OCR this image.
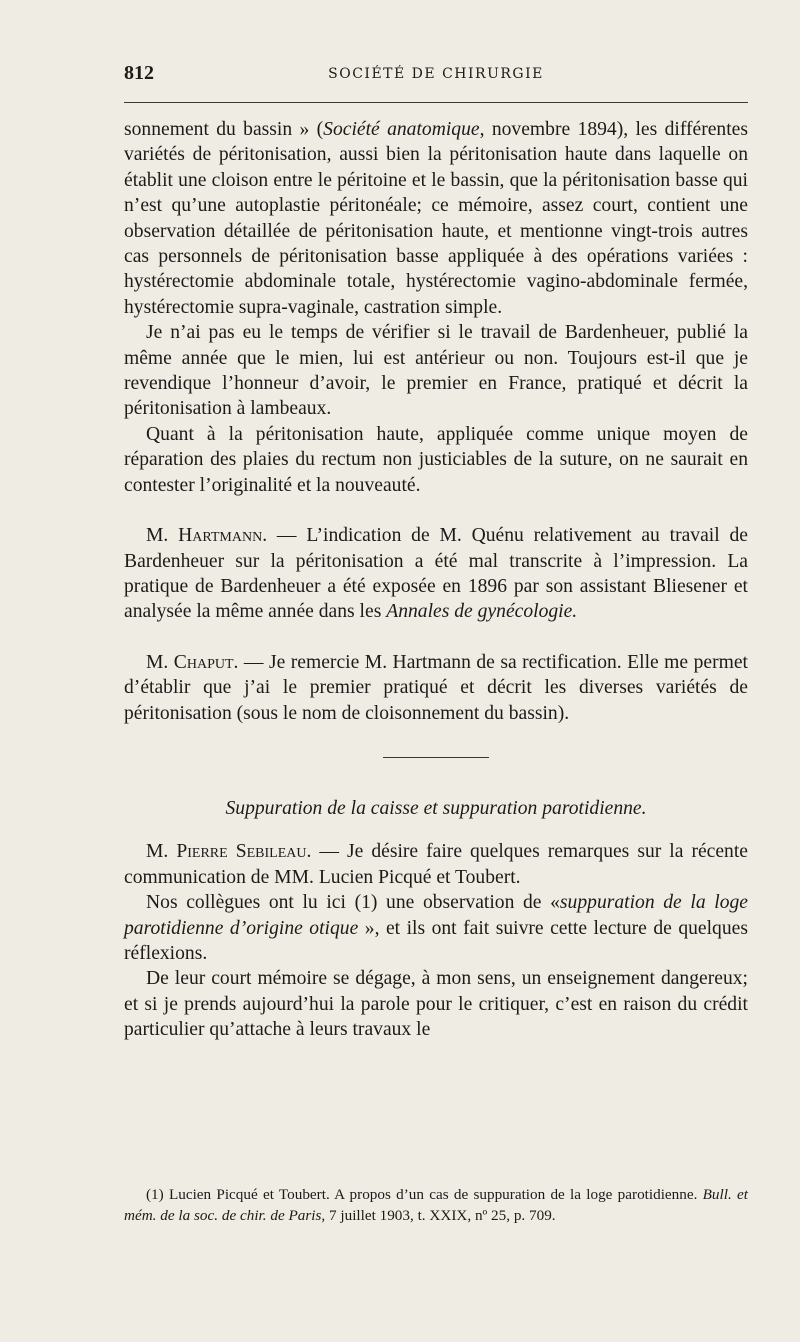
812	SOCIÉTÉ DE CHIRURGIE

sonnement du bassin » (Société anatomique, novembre 1894), les différentes variétés de péritonisation, aussi bien la péritonisation haute dans laquelle on établit une cloison entre le péritoine et le bassin, que la péritonisation basse qui n’est qu’une autoplastie péritonéale; ce mémoire, assez court, contient une observation détaillée de péritonisation haute, et mentionne vingt-trois autres cas personnels de péritonisation basse appliquée à des opérations variées : hystérectomie abdominale totale, hystérectomie vagino-abdominale fermée, hystérectomie supra-vaginale, castration simple.

Je n’ai pas eu le temps de vérifier si le travail de Bardenheuer, publié la même année que le mien, lui est antérieur ou non. Toujours est-il que je revendique l’honneur d’avoir, le premier en France, pratiqué et décrit la péritonisation à lambeaux.

Quant à la péritonisation haute, appliquée comme unique moyen de réparation des plaies du rectum non justiciables de la suture, on ne saurait en contester l’originalité et la nouveauté.

M. Hartmann. — L’indication de M. Quénu relativement au travail de Bardenheuer sur la péritonisation a été mal transcrite à l’impression. La pratique de Bardenheuer a été exposée en 1896 par son assistant Bliesener et analysée la même année dans les Annales de gynécologie.

M. Chaput. — Je remercie M. Hartmann de sa rectification. Elle me permet d’établir que j’ai le premier pratiqué et décrit les diverses variétés de péritonisation (sous le nom de cloisonnement du bassin).

Suppuration de la caisse et suppuration parotidienne.

M. Pierre Sebileau. — Je désire faire quelques remarques sur la récente communication de MM. Lucien Picqué et Toubert.

Nos collègues ont lu ici (1) une observation de «suppuration de la loge parotidienne d’origine otique », et ils ont fait suivre cette lecture de quelques réflexions.

De leur court mémoire se dégage, à mon sens, un enseignement dangereux; et si je prends aujourd’hui la parole pour le critiquer, c’est en raison du crédit particulier qu’attache à leurs travaux le

(1) Lucien Picqué et Toubert. A propos d’un cas de suppuration de la loge parotidienne. Bull. et mém. de la soc. de chir. de Paris, 7 juillet 1903, t. XXIX, nº 25, p. 709.
